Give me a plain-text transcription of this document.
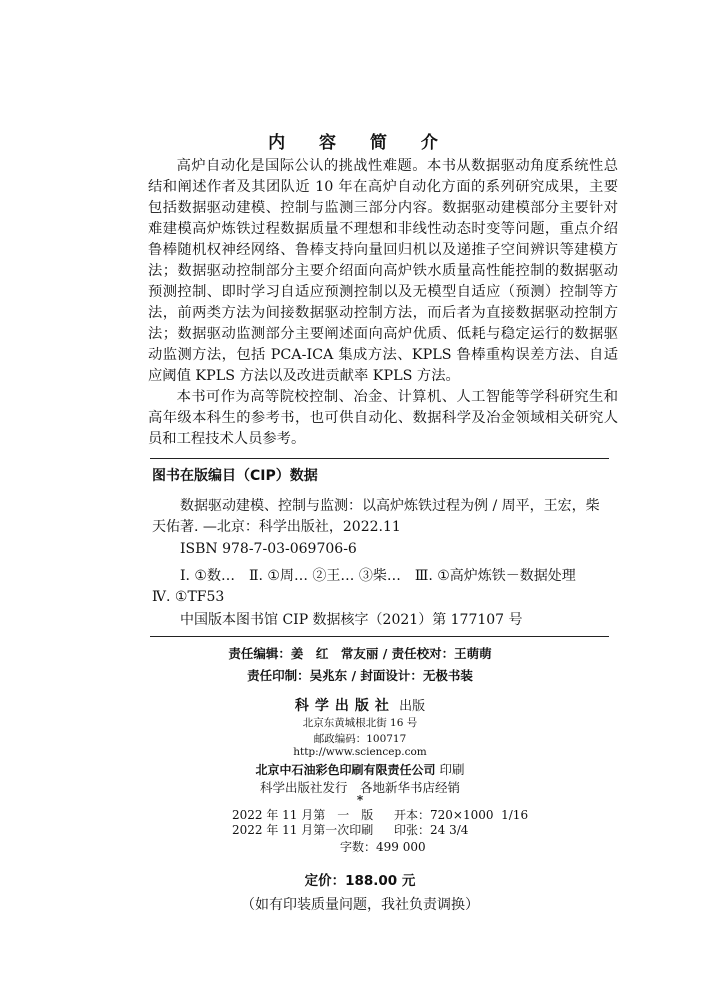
内 容 简 介

高炉自动化是国际公认的挑战性难题。本书从数据驱动角度系统性总结和阐述作者及其团队近 10 年在高炉自动化方面的系列研究成果，主要包括数据驱动建模、控制与监测三部分内容。数据驱动建模部分主要针对难建模高炉炼铁过程数据质量不理想和非线性动态时变等问题，重点介绍鲁棒随机权神经网络、鲁棒支持向量回归机以及递推子空间辨识等建模方法；数据驱动控制部分主要介绍面向高炉铁水质量高性能控制的数据驱动预测控制、即时学习自适应预测控制以及无模型自适应（预测）控制等方法，前两类方法为间接数据驱动控制方法，而后者为直接数据驱动控制方法；数据驱动监测部分主要阐述面向高炉优质、低耗与稳定运行的数据驱动监测方法，包括 PCA-ICA 集成方法、KPLS 鲁棒重构误差方法、自适应阈值 KPLS 方法以及改进贡献率 KPLS 方法。

本书可作为高等院校控制、冶金、计算机、人工智能等学科研究生和高年级本科生的参考书，也可供自动化、数据科学及冶金领域相关研究人员和工程技术人员参考。

图书在版编目（CIP）数据
数据驱动建模、控制与监测：以高炉炼铁过程为例 / 周平，王宏，柴天佑著. —北京：科学出版社，2022.11
ISBN 978-7-03-069706-6
Ⅰ. ①数…　Ⅱ. ①周… ②王… ③柴…　Ⅲ. ①高炉炼铁－数据处理
Ⅳ. ①TF53
中国版本图书馆 CIP 数据核字（2021）第 177107 号
责任编辑：姜　红　常友丽 / 责任校对：王萌萌
责任印制：吴兆东 / 封面设计：无极书装
科学出版社 出版
北京东黄城根北街 16 号
邮政编码：100717
http://www.sciencep.com
北京中石油彩色印刷有限责任公司 印刷
科学出版社发行　各地新华书店经销
*
2022 年 11 月第　一　版
2022 年 11 月第一次印刷
开本：720×1000  1/16
印张：24 3/4
字数：499 000
定价：188.00 元
（如有印装质量问题，我社负责调换）
